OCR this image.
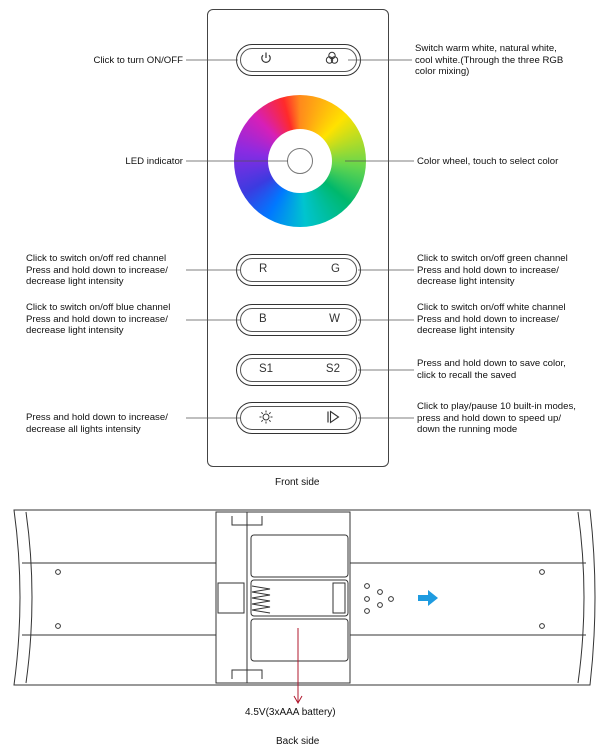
R	G
B	W
S1	S2
Click to turn ON/OFF
LED indicator
Click to switch on/off red channel
Press and hold down to increase/
decrease light intensity
Click to switch on/off blue channel
Press and hold down to increase/
decrease light intensity
Press and hold down to increase/
decrease all lights intensity
Switch warm white, natural white,
cool white.(Through the three RGB
color mixing)
Color wheel, touch to select color
Click to switch on/off green channel
Press and hold down to increase/
decrease light intensity
Click to switch on/off white channel
Press and hold down to increase/
decrease light intensity
Press and hold down to save color,
click to recall the saved
Click to play/pause 10 built-in modes,
press and hold down to speed up/
down the running mode
Front side
4.5V(3xAAA battery)
Back side
